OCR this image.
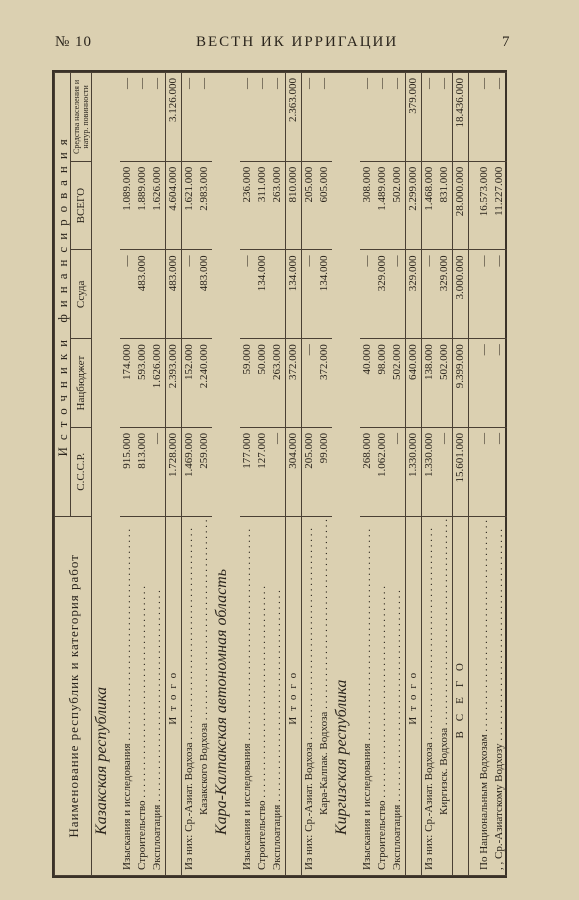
№ 10	ВЕСТН ИК ИРРИГАЦИИ	7
Наименование республик и категория работ	Источники финансирования				
	С.С.С.Р.	Нацбюджет	Ссуда	ВСЕГО	Средства населения и натур. повинности
Казакская республика					
Изыскания и исследования . . .	915.000	174.000	—	1.089.000	—
Строительство . . .	813.000	593.000	483.000	1.889.000	—
Эксплоатация . . .	—	1.626.000		1.626.000	—
Итого	1.728.000	2.393.000	483.000	4.604.000	3.126.000
Из них: Ср.-Азиат. Водхоза . . .	1.469.000	152.000	—	1.621.000	—
Казакского Водхоза . . .	259.000	2.240.000	483.000	2.983.000	—
Кара-Калпакская автономная область					
Изыскания и исследования . . .	177.000	59.000	—	236.000	—
Строительство . . .	127.000	50.000	134.000	311.000	—
Эксплоатация . . .	—	263.000		263.000	—
Итого	304.000	372.000	134.000	810.000	2.363.000
Из них: Ср.-Азиат. Водхоза . . .	205.000	—	—	205.000	—
Кара-Калпак. Водхоза . . .	99.000	372.000	134.000	605.000	—
Киргизская республика					
Изыскания и исследования . . .	268.000	40.000	—	308.000	—
Строительство . . .	1.062.000	98.000	329.000	1.489.000	—
Эксплоатация . . .	—	502.000	—	502.000	—
Итого	1.330.000	640.000	329.000	2.299.000	379.000
Из них: Ср.-Азиат. Водхоза . . .	1.330.000	138.000	—	1.468.000	—
Киргизск. Водхоза . . .	—	502.000	329.000	831.000	—
ВСЕГО	15.601.000	9.399.000	3.000.000	28.000.000	18.436.000

По Национальным Водхозам . . .	—	—	—	16.573.000	—
, , Ср.-Азиатскому Водхозу . . .	—	—	—	11.227.000	—
